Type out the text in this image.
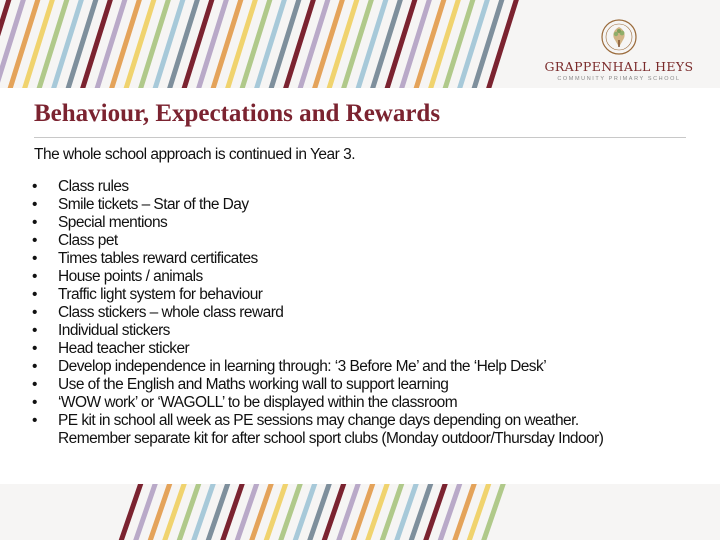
GRAPPENHALL HEYS
COMMUNITY PRIMARY SCHOOL
Behaviour, Expectations and Rewards
The whole school approach is continued in Year 3.
• Class rules
• Smile tickets – Star of the Day
• Special mentions
• Class pet
• Times tables reward certificates
• House points / animals
• Traffic light system for behaviour
• Class stickers – whole class reward
• Individual stickers
• Head teacher sticker
• Develop independence in learning through: ‘3 Before Me’ and the ‘Help Desk’
• Use of the English and Maths working wall to support learning
• ‘WOW work’ or ‘WAGOLL’ to be displayed within the classroom
• PE kit in school all week as PE sessions may change days depending on weather.
Remember separate kit for after school sport clubs (Monday outdoor/Thursday Indoor)
